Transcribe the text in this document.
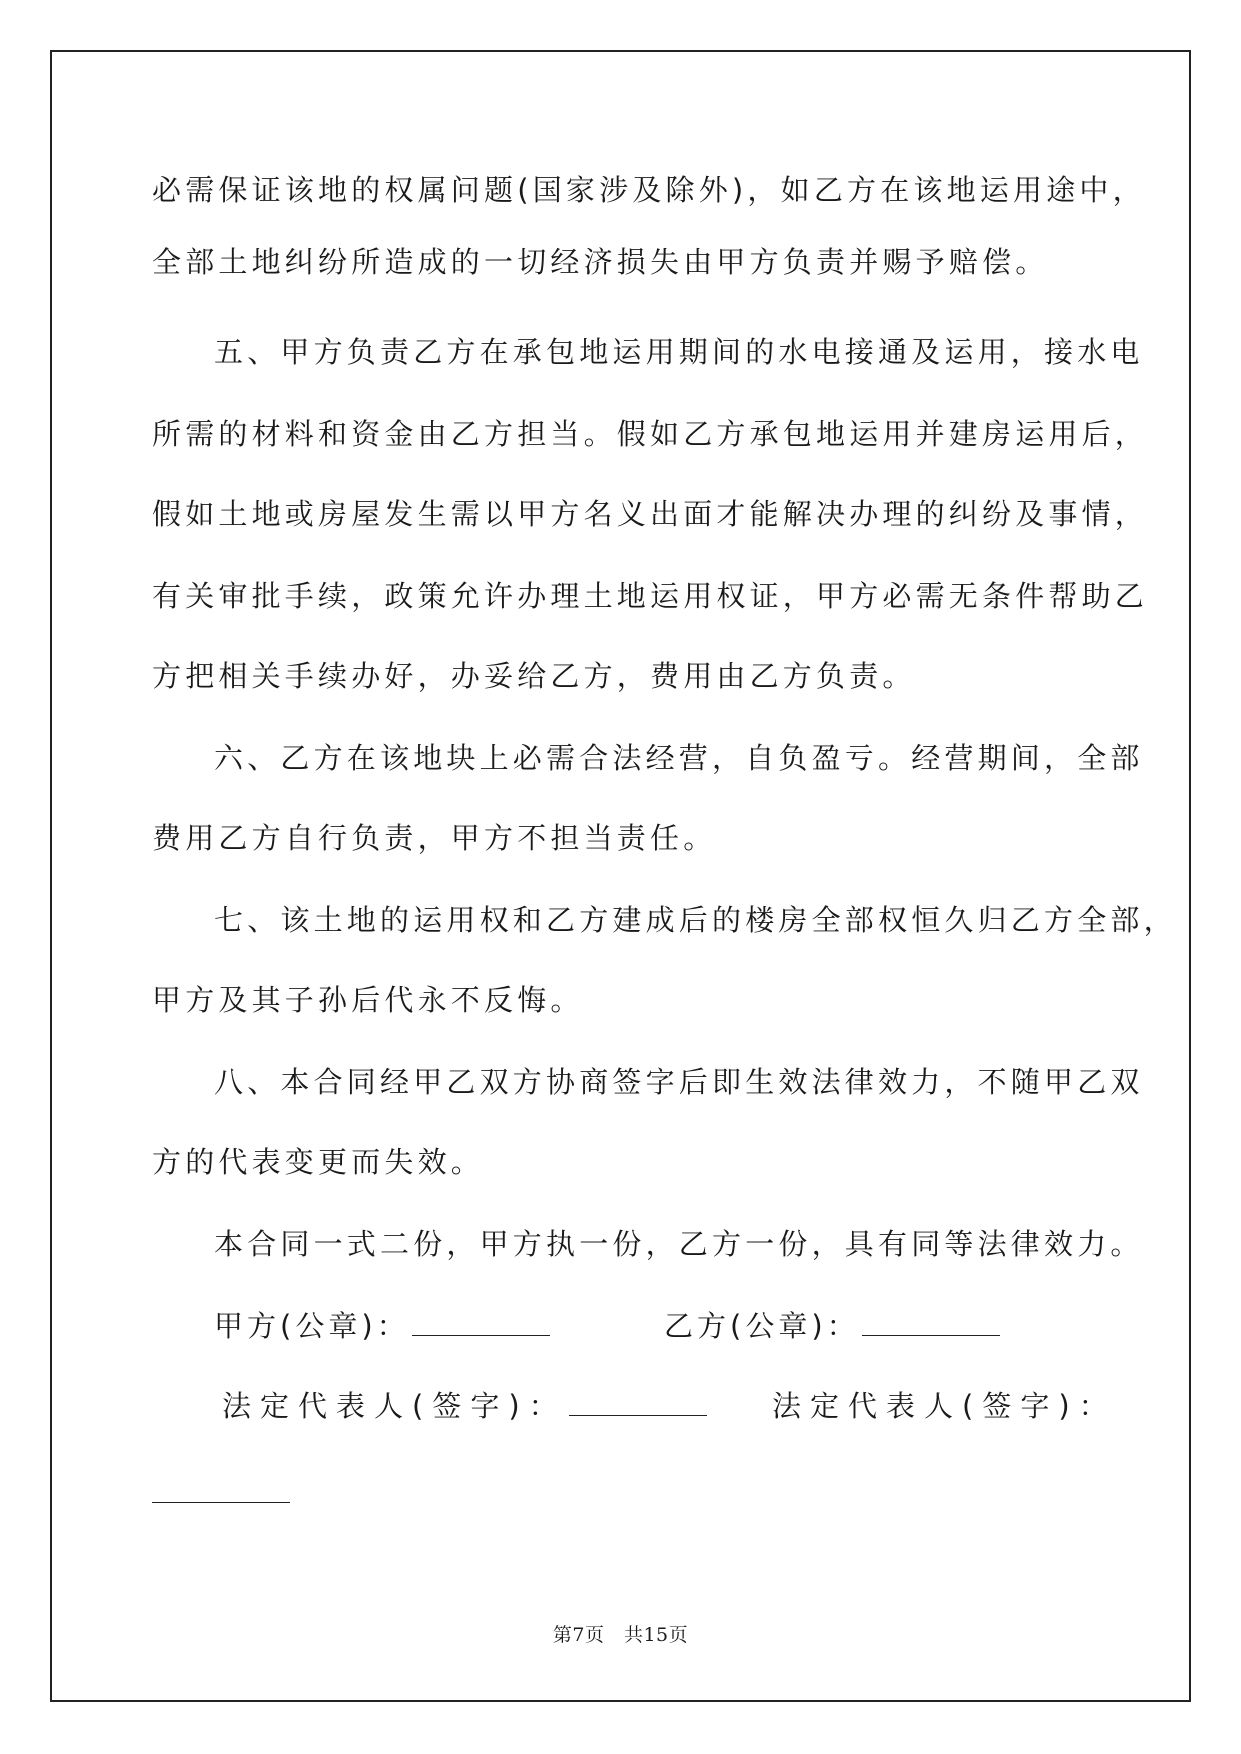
必需保证该地的权属问题(国家涉及除外)，如乙方在该地运用途中，
全部土地纠纷所造成的一切经济损失由甲方负责并赐予赔偿。
五、甲方负责乙方在承包地运用期间的水电接通及运用，接水电
所需的材料和资金由乙方担当。假如乙方承包地运用并建房运用后，
假如土地或房屋发生需以甲方名义出面才能解决办理的纠纷及事情，
有关审批手续，政策允许办理土地运用权证，甲方必需无条件帮助乙
方把相关手续办好，办妥给乙方，费用由乙方负责。
六、乙方在该地块上必需合法经营，自负盈亏。经营期间，全部
费用乙方自行负责，甲方不担当责任。
七、该土地的运用权和乙方建成后的楼房全部权恒久归乙方全部，
甲方及其子孙后代永不反悔。
八、本合同经甲乙双方协商签字后即生效法律效力，不随甲乙双
方的代表变更而失效。
本合同一式二份，甲方执一份，乙方一份，具有同等法律效力。
甲方(公章)：	乙方(公章)：
法定代表人(签字)：	法定代表人(签字)：
第7页　共15页
